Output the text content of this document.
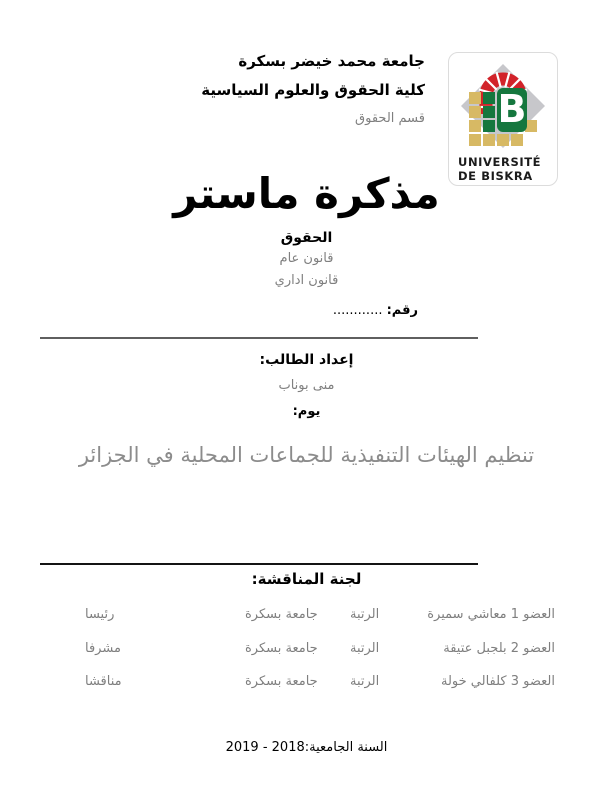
جامعة محمد خيضر بسكرة
كلية الحقوق والعلوم السياسية
قسم الحقوق B
UNIVERSITÉ
DE BISKRA
مذكرة ماستر
الحقوق
قانون عام
قانون اداري
رقم: ............
إعداد الطالب:
منى بوناب
يوم:
تنظيم الهيئات التنفيذية للجماعات المحلية في الجزائر
لجنة المناقشة:
العضو 1 معاشي سميرة
الرتبة
جامعة بسكرة
رئيسا
العضو 2 بلجبل عتيقة
الرتبة
جامعة بسكرة
مشرفا
العضو 3 كلفالي خولة
الرتبة
جامعة بسكرة
مناقشا
السنة الجامعية:2018 - 2019
